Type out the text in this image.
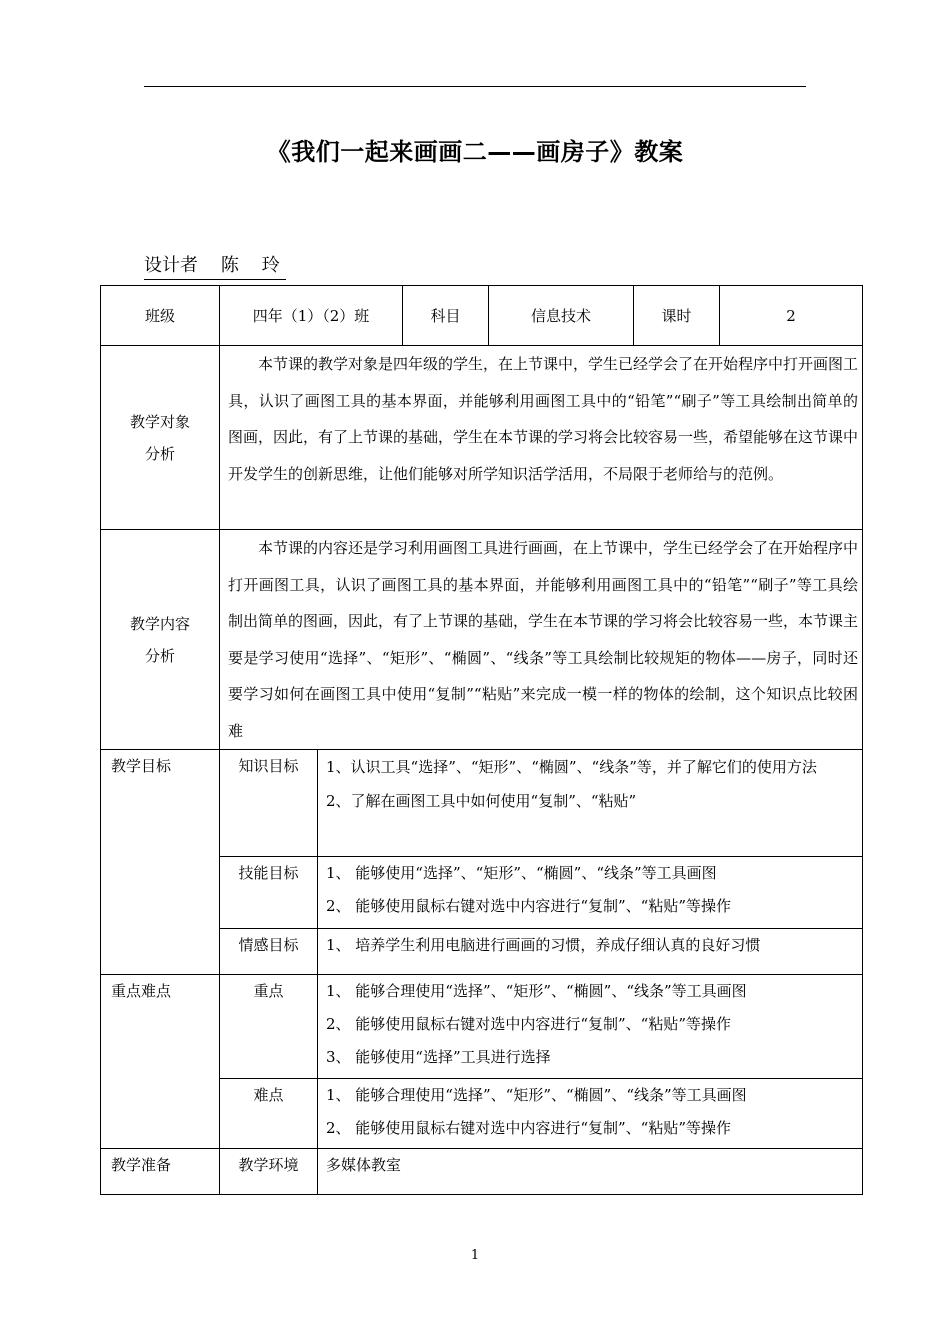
《我们一起来画画二——画房子》教案
设计者    陈    玲
班级	四年（1）（2）班		科目	信息技术	课时	2

教学对象
分析	本节课的教学对象是四年级的学生，在上节课中，学生已经学会了在开始程序中打开画图工具，认识了画图工具的基本界面，并能够利用画图工具中的“铅笔”“刷子”等工具绘制出简单的图画，因此，有了上节课的基础，学生在本节课的学习将会比较容易一些，希望能够在这节课中开发学生的创新思维，让他们能够对所学知识活学活用，不局限于老师给与的范例。					

教学内容
分析	本节课的内容还是学习利用画图工具进行画画，在上节课中，学生已经学会了在开始程序中打开画图工具，认识了画图工具的基本界面，并能够利用画图工具中的“铅笔”“刷子”等工具绘制出简单的图画，因此，有了上节课的基础，学生在本节课的学习将会比较容易一些，本节课主要是学习使用“选择”、“矩形”、“椭圆”、“线条”等工具绘制比较规矩的物体——房子，同时还要学习如何在画图工具中使用“复制”“粘贴”来完成一模一样的物体的绘制，这个知识点比较困难					
教学目标	知识目标	1、认识工具“选择”、“矩形”、“椭圆”、“线条”等，并了解它们的使用方法
2、了解在画图工具中如何使用“复制”、“粘贴”				

	技能目标	1、 能够使用“选择”、“矩形”、“椭圆”、“线条”等工具画图
2、 能够使用鼠标右键对选中内容进行“复制”、“粘贴”等操作				

	情感目标	1、 培养学生利用电脑进行画画的习惯，养成仔细认真的良好习惯				

重点难点	重点	1、 能够合理使用“选择”、“矩形”、“椭圆”、“线条”等工具画图
2、 能够使用鼠标右键对选中内容进行“复制”、“粘贴”等操作
3、 能够使用“选择”工具进行选择				

	难点	1、 能够合理使用“选择”、“矩形”、“椭圆”、“线条”等工具画图
2、 能够使用鼠标右键对选中内容进行“复制”、“粘贴”等操作				

教学准备	教学环境	多媒体教室				
1
